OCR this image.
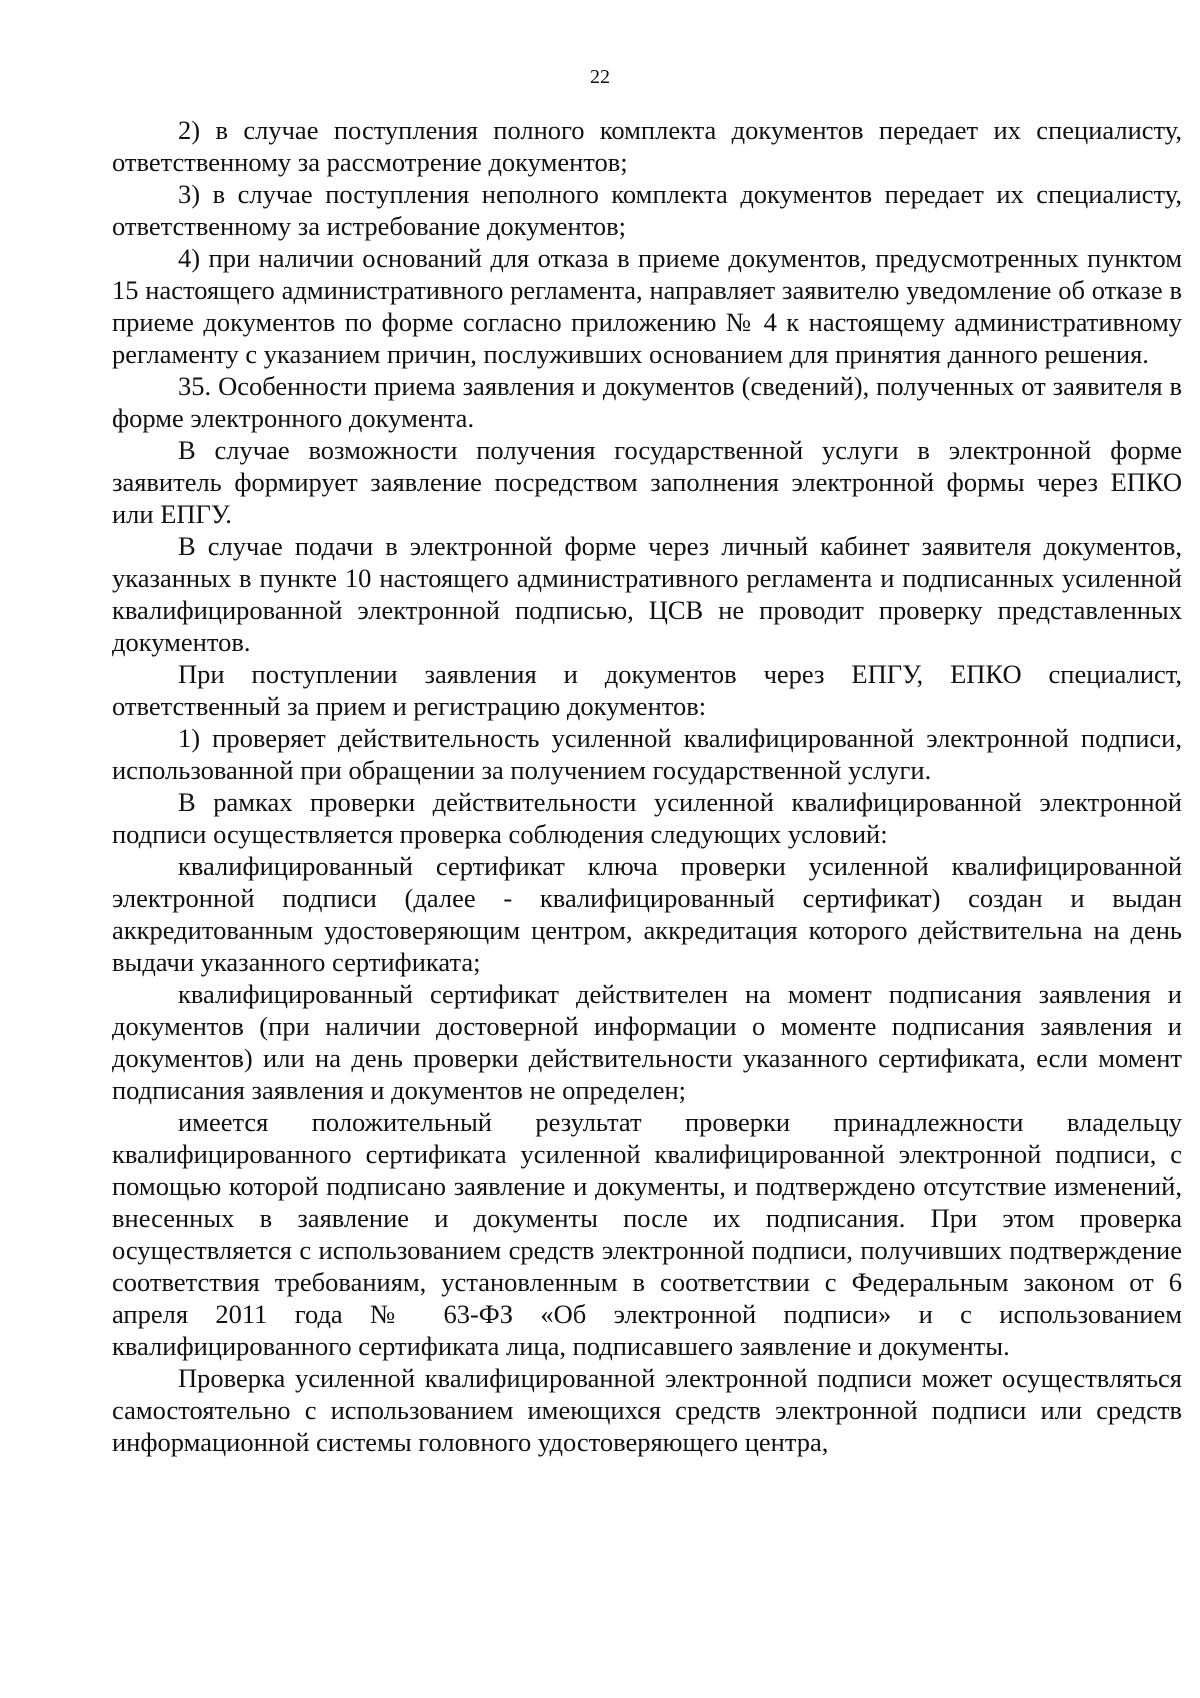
22

2) в случае поступления полного комплекта документов передает их специалисту, ответственному за рассмотрение документов;

3) в случае поступления неполного комплекта документов передает их специалисту, ответственному за истребование документов;

4) при наличии оснований для отказа в приеме документов, предусмотренных пунктом 15 настоящего административного регламента, направляет заявителю уведомление об отказе в приеме документов по форме согласно приложению № 4 к настоящему административному регламенту с указанием причин, послуживших основанием для принятия данного решения.

35. Особенности приема заявления и документов (сведений), полученных от заявителя в форме электронного документа.

В случае возможности получения государственной услуги в электронной форме заявитель формирует заявление посредством заполнения электронной формы через ЕПКО или ЕПГУ.

В случае подачи в электронной форме через личный кабинет заявителя документов, указанных в пункте 10 настоящего административного регламента и подписанных усиленной квалифицированной электронной подписью, ЦСВ не проводит проверку представленных документов.

При поступлении заявления и документов через ЕПГУ, ЕПКО специалист, ответственный за прием и регистрацию документов:

1) проверяет действительность усиленной квалифицированной электронной подписи, использованной при обращении за получением государственной услуги.

В рамках проверки действительности усиленной квалифицированной электронной подписи осуществляется проверка соблюдения следующих условий:

квалифицированный сертификат ключа проверки усиленной квалифицированной электронной подписи (далее - квалифицированный сертификат) создан и выдан аккредитованным удостоверяющим центром, аккредитация которого действительна на день выдачи указанного сертификата;

квалифицированный сертификат действителен на момент подписания заявления и документов (при наличии достоверной информации о моменте подписания заявления и документов) или на день проверки действительности указанного сертификата, если момент подписания заявления и документов не определен;

имеется положительный результат проверки принадлежности владельцу квалифицированного сертификата усиленной квалифицированной электронной подписи, с помощью которой подписано заявление и документы, и подтверждено отсутствие изменений, внесенных в заявление и документы после их подписания. При этом проверка осуществляется с использованием средств электронной подписи, получивших подтверждение соответствия требованиям, установленным в соответствии с Федеральным законом от 6 апреля 2011 года № 63-ФЗ «Об электронной подписи» и с использованием квалифицированного сертификата лица, подписавшего заявление и документы.

Проверка усиленной квалифицированной электронной подписи может осуществляться самостоятельно с использованием имеющихся средств электронной подписи или средств информационной системы головного удостоверяющего центра,
